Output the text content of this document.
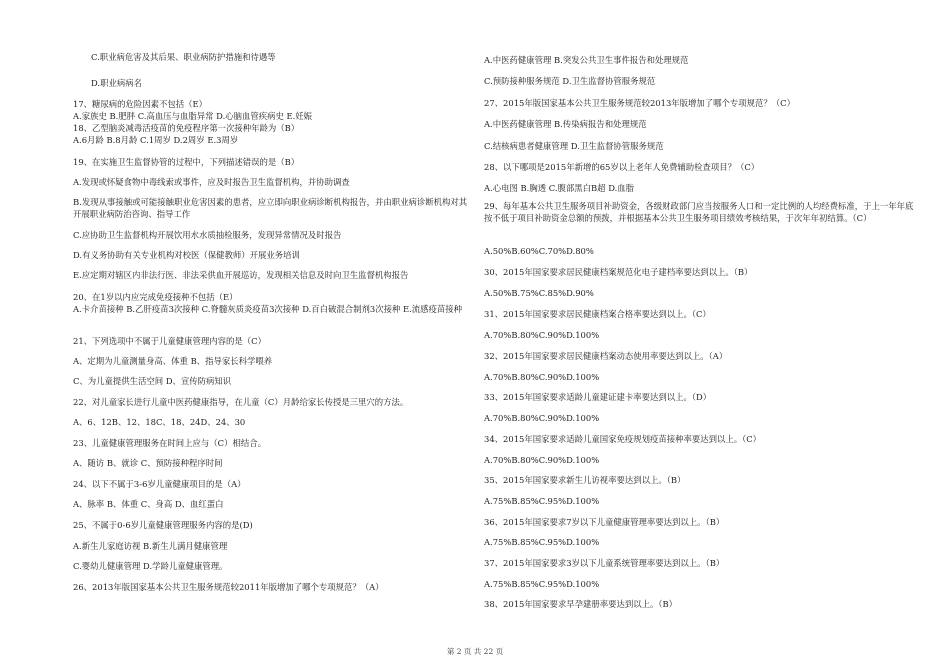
C.职业病危害及其后果、职业病防护措施和待遇等
D.职业病病名
17、糖尿病的危险因素不包括（E）
A.家族史 B.肥胖 C.高血压与血脂异常 D.心脑血管疾病史 E.妊娠
18、乙型脑炎减毒活疫苗的免疫程序第一次接种年龄为（B）
A.6月龄 B.8月龄 C.1周岁 D.2周岁 E.3周岁
19、在实施卫生监督协管的过程中，下列描述错误的是（B）
A.发现或怀疑食物中毒线索或事件，应及时报告卫生监督机构，并协助调查
B.发现从事接触或可能接触职业危害因素的患者，应立即向职业病诊断机构报告，并由职业病诊断机构对其开展职业病防治咨询、指导工作
C.应协助卫生监督机构开展饮用水水质抽检服务，发现异常情况及时报告
D.有义务协助有关专业机构对校医（保健教师）开展业务培训
E.应定期对辖区内非法行医、非法采供血开展巡访，发现相关信息及时向卫生监督机构报告
20、在1岁以内应完成免疫接种不包括（E）
A.卡介苗接种 B.乙肝疫苗3次接种 C.脊髓灰质炎疫苗3次接种 D.百白破混合制剂3次接种 E.流感疫苗接种
21、下列选项中不属于儿童健康管理内容的是（C）
A、定期为儿童测量身高、体重 B、指导家长科学喂养
C、为儿童提供生活空间 D、宣传防病知识
22、对儿童家长进行儿童中医药健康指导，在儿童（C）月龄给家长传授是三里穴的方法。
A、6、12B、12、18C、18、24D、24、30
23、儿童健康管理服务在时间上应与（C）相结合。
A、随访 B、就诊 C、预防接种程序时间
24、以下不属于3-6岁儿童健康项目的是（A）
A、脉率 B、体重 C、身高 D、血红蛋白
25、不属于0-6岁儿童健康管理服务内容的是(D)
A.新生儿家庭访视 B.新生儿满月健康管理
C.婴幼儿健康管理 D.学龄儿童健康管理。
26、2013年版国家基本公共卫生服务规范较2011年版增加了哪个专项规范？（A）
A.中医药健康管理 B.突发公共卫生事件报告和处理规范
C.预防接种服务规范 D.卫生监督协管服务规范
27、2015年版国家基本公共卫生服务规范较2013年版增加了哪个专项规范？（C）
A.中医药健康管理 B.传染病报告和处理规范
C.结核病患者健康管理 D.卫生监督协管服务规范
28、以下哪项是2015年新增的65岁以上老年人免费辅助检查项目？（C）
A.心电图 B.胸透 C.腹部黑白B超 D.血脂
29、每年基本公共卫生服务项目补助资金，各级财政部门应当按服务人口和一定比例的人均经费标准，于上一年年底按不低于项目补助资金总额的预拨，并根据基本公共卫生服务项目绩效考核结果，于次年年初结算。（C）
A.50%B.60%C.70%D.80%
30、2015年国家要求居民健康档案规范化电子建档率要达到以上。（B）
A.50%B.75%C.85%D.90%
31、2015年国家要求居民健康档案合格率要达到以上。（C）
A.70%B.80%C.90%D.100%
32、2015年国家要求居民健康档案动态使用率要达到以上。（A）
A.70%B.80%C.90%D.100%
33、2015年国家要求适龄儿童建证建卡率要达到以上。（D）
A.70%B.80%C.90%D.100%
34、2015年国家要求适龄儿童国家免疫规划疫苗接种率要达到以上。（C）
A.70%B.80%C.90%D.100%
35、2015年国家要求新生儿访视率要达到以上。（B）
A.75%B.85%C.95%D.100%
36、2015年国家要求7岁以下儿童健康管理率要达到以上。（B）
A.75%B.85%C.95%D.100%
37、2015年国家要求3岁以下儿童系统管理率要达到以上。（B）
A.75%B.85%C.95%D.100%
38、2015年国家要求早孕建册率要达到以上。（B）
第 2 页 共 22 页
